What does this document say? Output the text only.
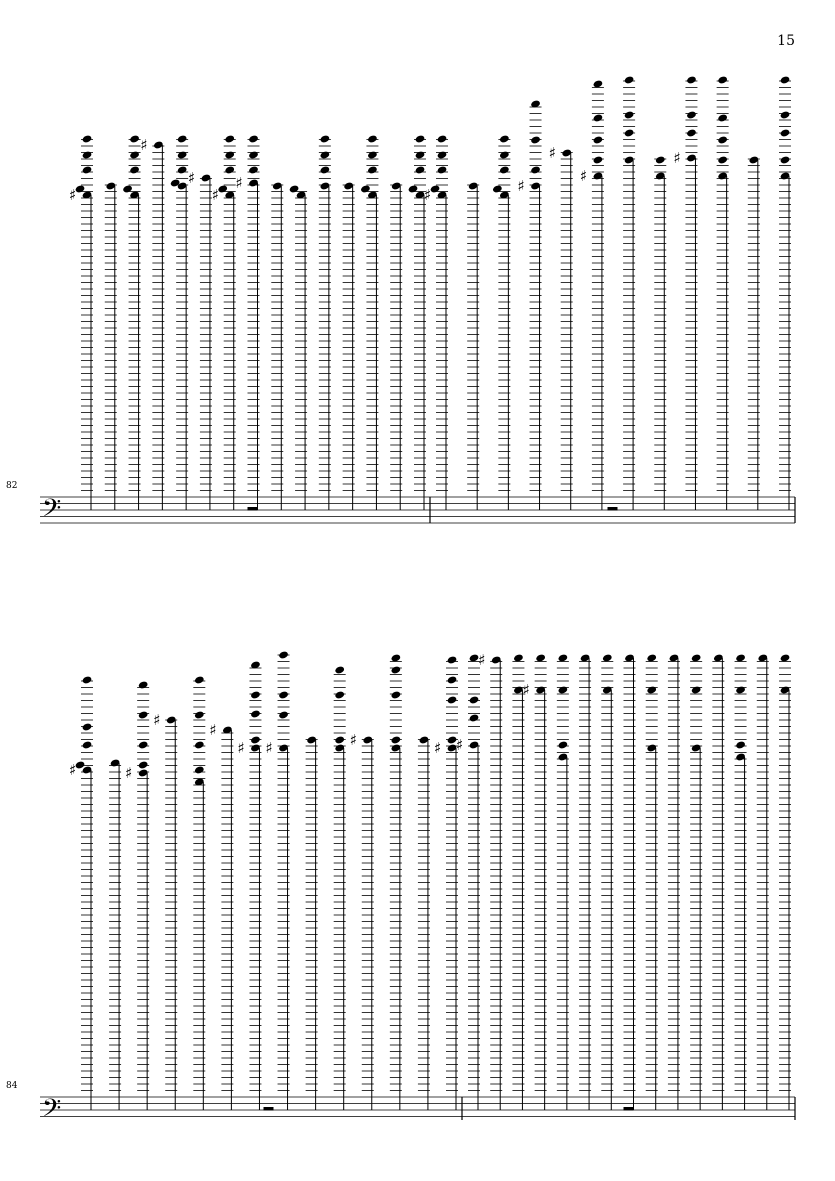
15
82
𝄢
♯
♯
♯
♯
♯
♯	♯
♯
♯
♯
84
𝄢
♯	♯
♯
♯
♯ ♯	♯	♯ ♯
♯
♯
